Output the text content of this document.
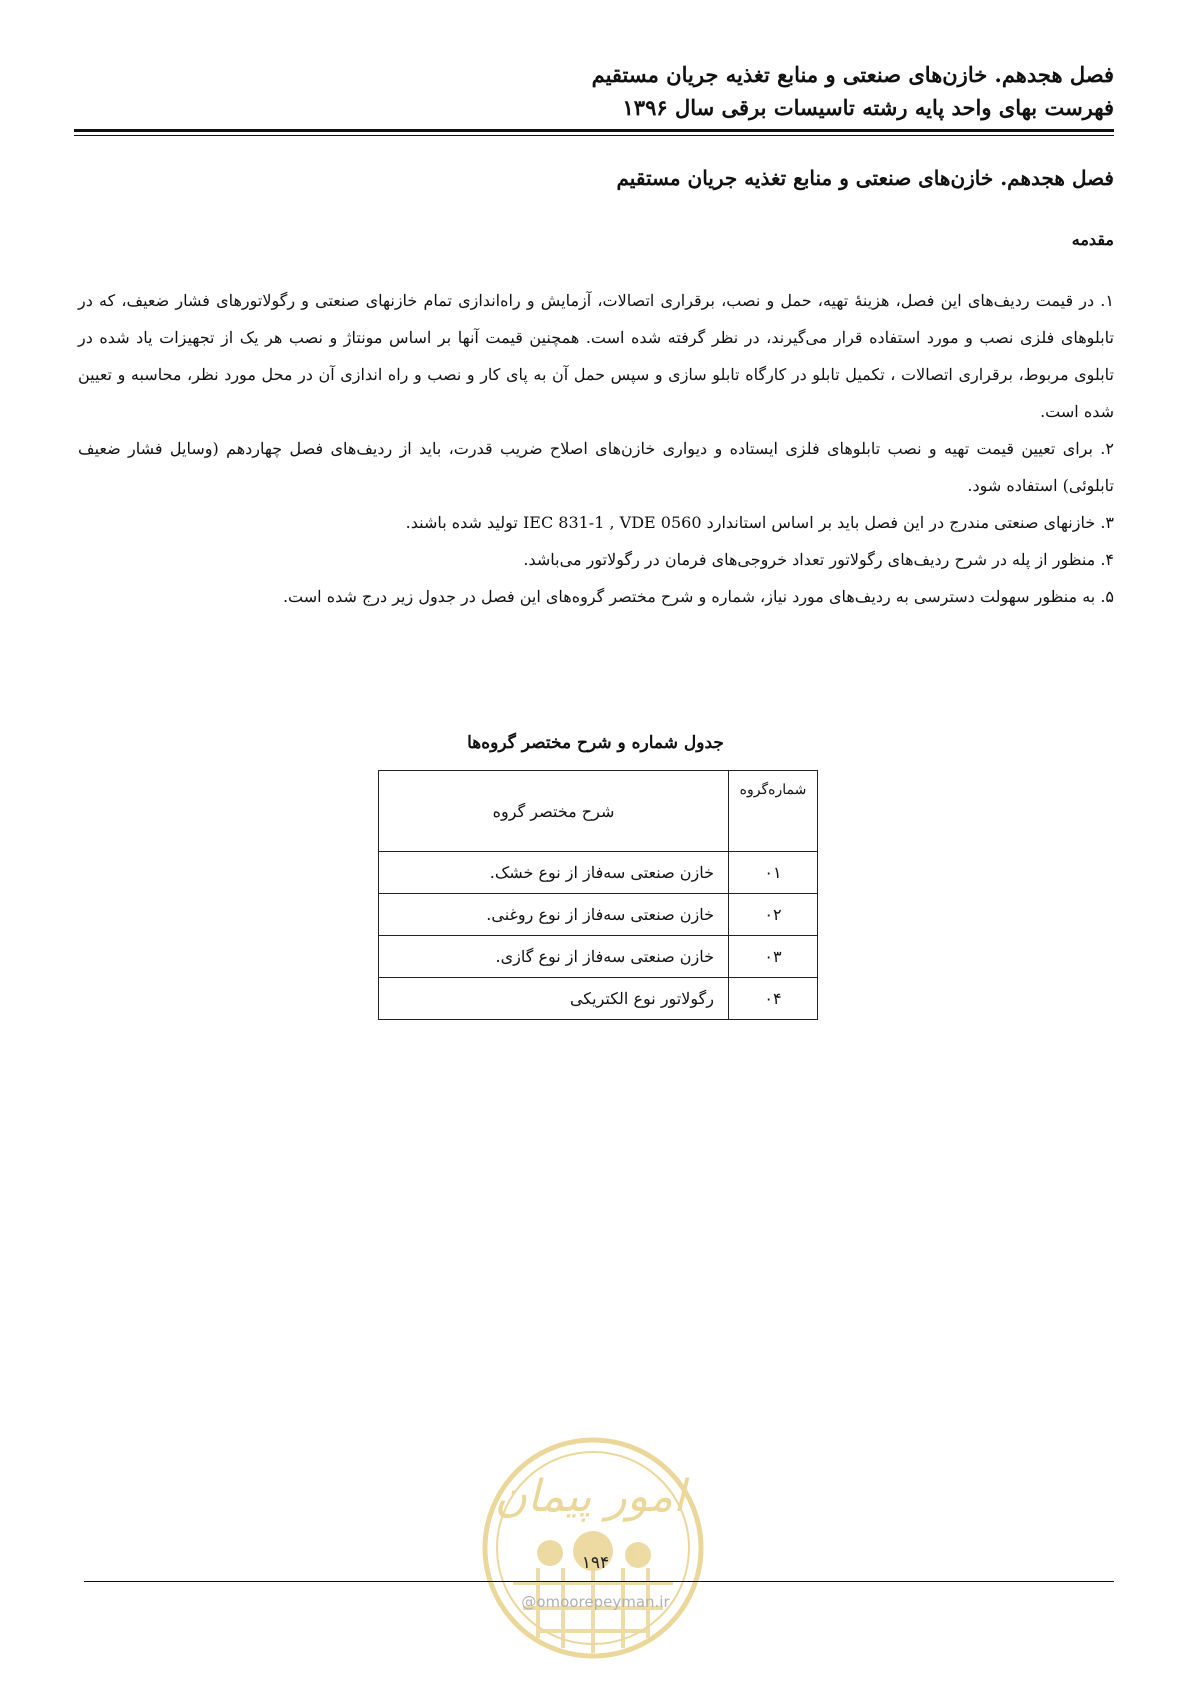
فصل هجدهم. خازن‌های صنعتی و منابع تغذیه جریان مستقیم
فهرست بهای واحد پایه رشته تاسیسات برقی سال ۱۳۹۶
فصل هجدهم. خازن‌های صنعتی و منابع تغذیه جریان مستقیم
مقدمه

۱. در قیمت ردیف‌های این فصل، هزینهٔ تهیه، حمل و نصب، برقراری اتصالات، آزمایش و راه‌اندازی تمام خازنهای صنعتی و رگولاتورهای فشار ضعیف، که در تابلوهای فلزی نصب و مورد استفاده قرار می‌گیرند، در نظر گرفته شده است. همچنین قیمت آنها بر اساس مونتاژ و نصب هر یک از تجهیزات یاد شده در تابلوی مربوط، برقراری اتصالات ، تکمیل تابلو در کارگاه تابلو سازی و سپس حمل آن به پای کار و نصب و راه اندازی آن در محل مورد نظر، محاسبه و تعیین شده است.

۲. برای تعیین قیمت تهیه و نصب تابلوهای فلزی ایستاده و دیواری خازن‌های اصلاح ضریب قدرت، باید از ردیف‌های فصل چهاردهم (وسایل فشار ضعیف تابلوئی) استفاده شود.

۳. خازنهای صنعتی مندرج در این فصل باید بر اساس استاندارد IEC 831-1 , VDE 0560 تولید شده باشند.

۴. منظور از پله در شرح ردیف‌های رگولاتور تعداد خروجی‌های فرمان در رگولاتور می‌باشد.

۵. به منظور سهولت دسترسی به ردیف‌های مورد نیاز، شماره و شرح مختصر گروه‌های این فصل در جدول زیر درج شده است.

جدول شماره و شرح مختصر گروه‌ها
شماره‌گروه	شرح مختصر گروه
۰۱	خازن صنعتی سه‌فاز از نوع خشک.
۰۲	خازن صنعتی سه‌فاز از نوع روغنی.
۰۳	خازن صنعتی سه‌فاز از نوع گازی.
۰۴	رگولاتور نوع الکتریکی
امور پیمان
۱۹۴
@omoorepeyman.ir
